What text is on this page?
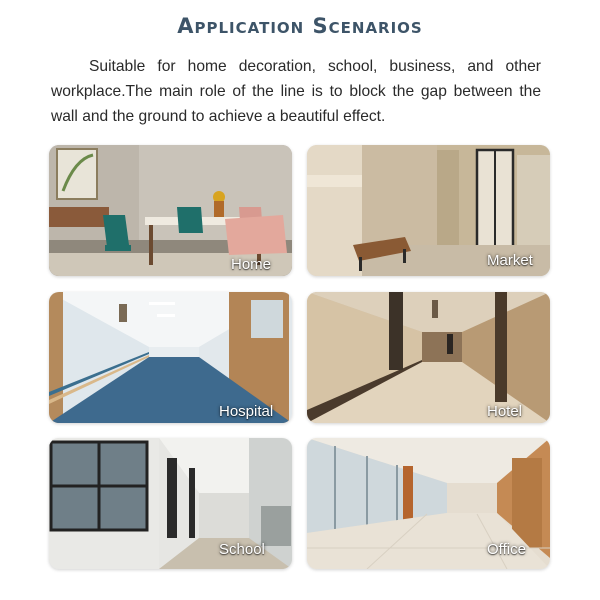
Application Scenarios

Suitable for home decoration, school, business, and other workplace.The main role of the line is to block the gap between the wall and the ground to achieve a beautiful effect.

Home	Market
Hospital	Hotel
School	Office
